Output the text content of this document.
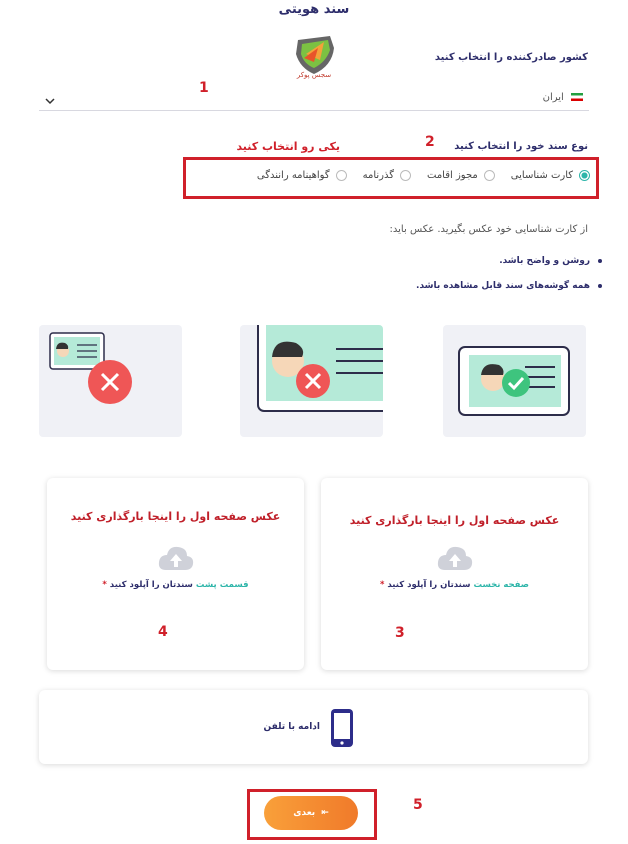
سند هویتی
سجس پوکر
کشور صادرکننده را انتخاب کنید
1
ایران
2	نوع سند خود را انتخاب کنید
یکی رو انتخاب کنید
کارت شناسایی
مجوز اقامت
گذرنامه
گواهینامه رانندگی
از کارت شناسایی خود عکس بگیرید. عکس باید:
روشن و واضح باشد.
همه گوشه‌های سند قابل مشاهده باشد.
عکس صفحه اول را اینجا بارگذاری کنید
صفحه نخست سندتان را آپلود کنید *
3
عکس صفحه اول را اینجا بارگذاری کنید
قسمت پشت سندتان را آپلود کنید *
4
ادامه با تلفن
5
بعدی ⇤
